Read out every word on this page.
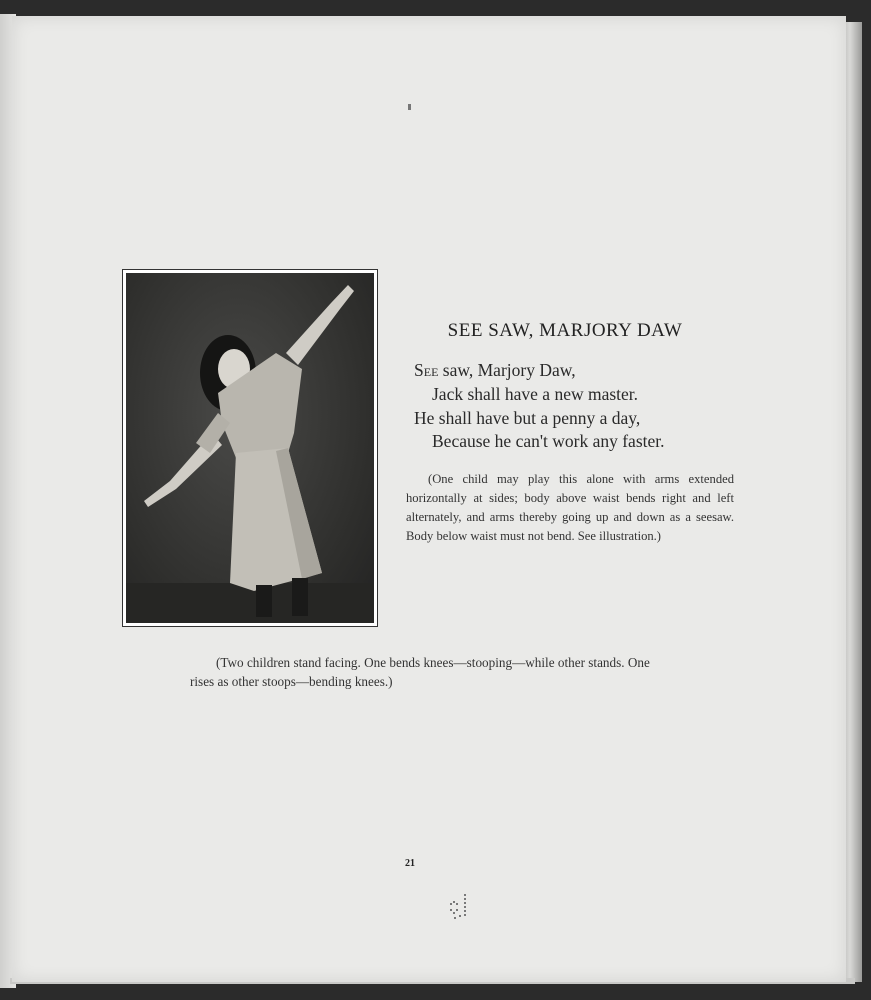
SEE SAW, MARJORY DAW
See saw, Marjory Daw,
Jack shall have a new master.
He shall have but a penny a day,
Because he can't work any faster.
(One child may play this alone with arms extended horizontally at sides; body above waist bends right and left alternately, and arms thereby going up and down as a seesaw. Body below waist must not bend. See illustration.)
(Two children stand facing. One bends knees—stooping—while other stands. One rises as other stoops—bending knees.)
21
